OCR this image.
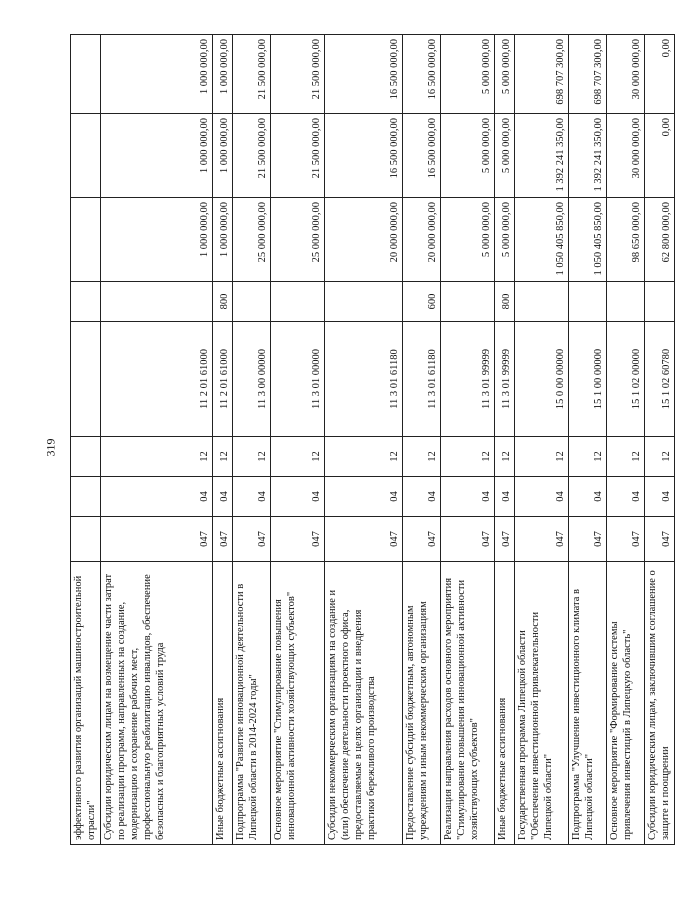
319
эффективного развития организаций машиностроительной отрасли"								
Субсидии юридическим лицам на возмещение части затрат по реализации программ, направленных на создание, модернизацию и сохранение рабочих мест, профессиональную реабилитацию инвалидов, обеспечение безопасных и благоприятных условий труда	047	04	12	11 2 01 61000		1 000 000,00	1 000 000,00	1 000 000,00
Иные бюджетные ассигнования	047	04	12	11 2 01 61000	800	1 000 000,00	1 000 000,00	1 000 000,00
Подпрограмма "Развитие инновационной деятельности в Липецкой области в 2014-2024 годы"	047	04	12	11 3 00 00000		25 000 000,00	21 500 000,00	21 500 000,00
Основное мероприятие "Стимулирование повышения инновационной активности хозяйствующих субъектов"	047	04	12	11 3 01 00000		25 000 000,00	21 500 000,00	21 500 000,00
Субсидии некоммерческим организациям на создание и (или) обеспечение деятельности проектного офиса, предоставляемые в целях организации и внедрения практики бережливого производства	047	04	12	11 3 01 61180		20 000 000,00	16 500 000,00	16 500 000,00
Предоставление субсидий бюджетным, автономным учреждениям и иным некоммерческим организациям	047	04	12	11 3 01 61180	600	20 000 000,00	16 500 000,00	16 500 000,00
Реализация направления расходов основного мероприятия "Стимулирование повышения инновационной активности хозяйствующих субъектов"	047	04	12	11 3 01 99999		5 000 000,00	5 000 000,00	5 000 000,00
Иные бюджетные ассигнования	047	04	12	11 3 01 99999	800	5 000 000,00	5 000 000,00	5 000 000,00
Государственная программа Липецкой области "Обеспечение инвестиционной привлекательности Липецкой области"	047	04	12	15 0 00 00000		1 050 405 850,00	1 392 241 350,00	698 707 300,00
Подпрограмма "Улучшение инвестиционного климата в Липецкой области"	047	04	12	15 1 00 00000		1 050 405 850,00	1 392 241 350,00	698 707 300,00
Основное мероприятие "Формирование системы привлечения инвестиций в Липецкую область"	047	04	12	15 1 02 00000		98 650 000,00	30 000 000,00	30 000 000,00
Субсидии юридическим лицам, заключившим соглашение о защите и поощрении	047	04	12	15 1 02 60780		62 800 000,00	0,00	0,00
